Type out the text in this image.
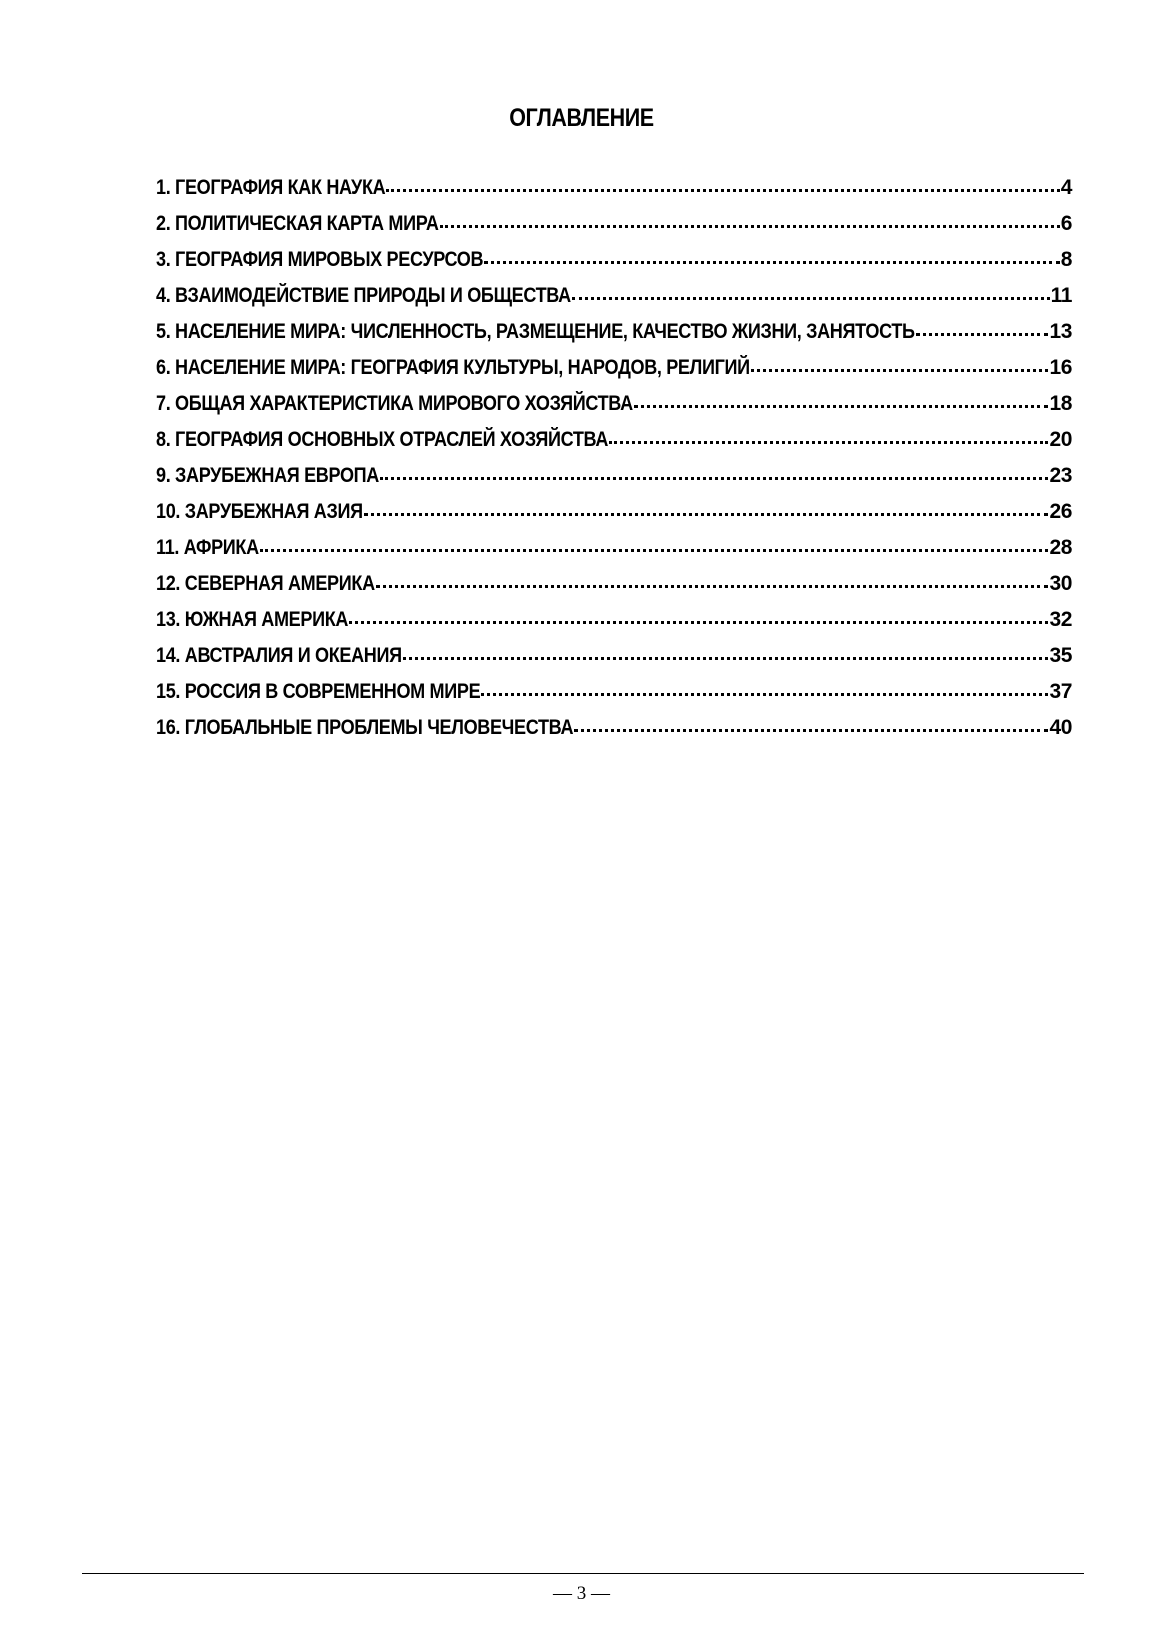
ОГЛАВЛЕНИЕ
1. ГЕОГРАФИЯ КАК НАУКА	4
2. ПОЛИТИЧЕСКАЯ КАРТА МИРА	6
3. ГЕОГРАФИЯ МИРОВЫХ РЕСУРСОВ	8
4. ВЗАИМОДЕЙСТВИЕ ПРИРОДЫ И ОБЩЕСТВА	11
5. НАСЕЛЕНИЕ МИРА: ЧИСЛЕННОСТЬ, РАЗМЕЩЕНИЕ, КАЧЕСТВО ЖИЗНИ, ЗАНЯТОСТЬ	13
6. НАСЕЛЕНИЕ МИРА: ГЕОГРАФИЯ КУЛЬТУРЫ, НАРОДОВ, РЕЛИГИЙ	16
7. ОБЩАЯ ХАРАКТЕРИСТИКА МИРОВОГО ХОЗЯЙСТВА	18
8. ГЕОГРАФИЯ ОСНОВНЫХ ОТРАСЛЕЙ ХОЗЯЙСТВА	20
9. ЗАРУБЕЖНАЯ ЕВРОПА	23
10. ЗАРУБЕЖНАЯ АЗИЯ	26
11. АФРИКА	28
12. СЕВЕРНАЯ АМЕРИКА	30
13. ЮЖНАЯ АМЕРИКА	32
14. АВСТРАЛИЯ И ОКЕАНИЯ	35
15. РОССИЯ В СОВРЕМЕННОМ МИРЕ	37
16. ГЛОБАЛЬНЫЕ ПРОБЛЕМЫ ЧЕЛОВЕЧЕСТВА	40
— 3 —
